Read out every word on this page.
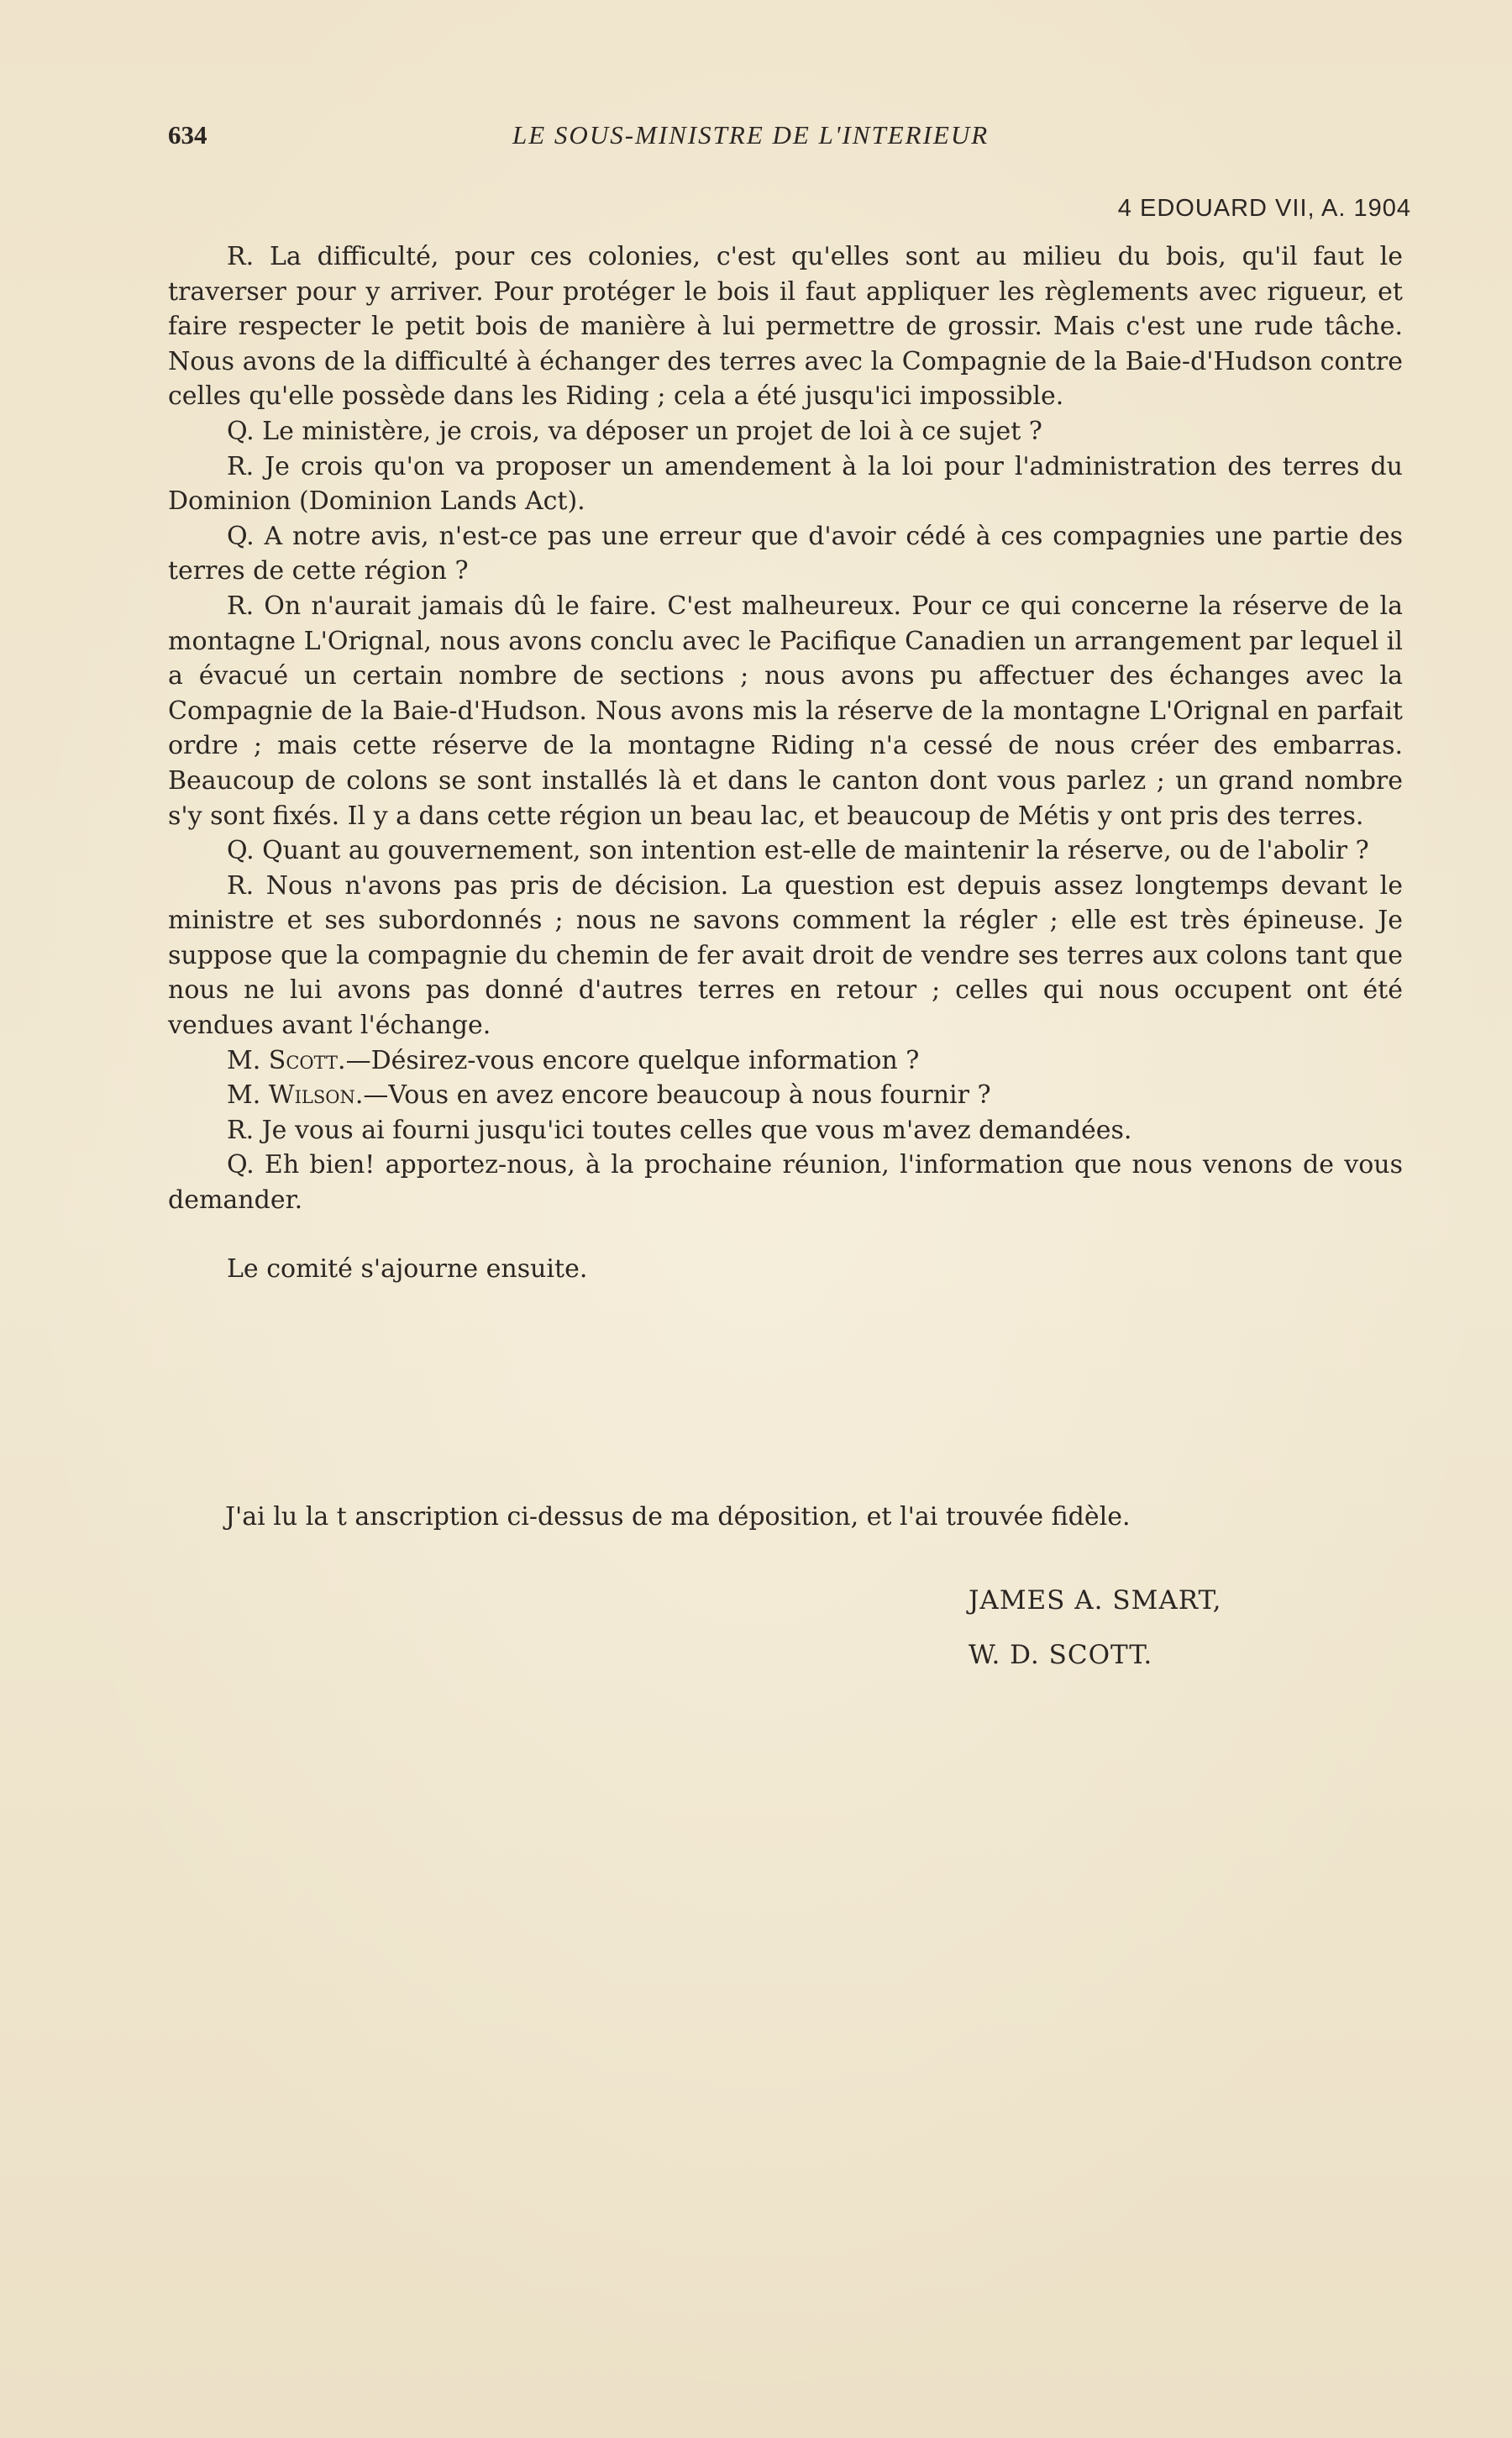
634	LE SOUS-MINISTRE DE L'INTERIEUR
4 EDOUARD VII, A. 1904

R. La difficulté, pour ces colonies, c'est qu'elles sont au milieu du bois, qu'il faut le traverser pour y arriver. Pour protéger le bois il faut appliquer les règlements avec rigueur, et faire respecter le petit bois de manière à lui permettre de grossir. Mais c'est une rude tâche. Nous avons de la difficulté à échanger des terres avec la Compagnie de la Baie-d'Hudson contre celles qu'elle possède dans les Riding ; cela a été jusqu'ici impossible.

Q. Le ministère, je crois, va déposer un projet de loi à ce sujet ?

R. Je crois qu'on va proposer un amendement à la loi pour l'administration des terres du Dominion (Dominion Lands Act).

Q. A notre avis, n'est-ce pas une erreur que d'avoir cédé à ces compagnies une partie des terres de cette région ?

R. On n'aurait jamais dû le faire. C'est malheureux. Pour ce qui concerne la réserve de la montagne L'Orignal, nous avons conclu avec le Pacifique Canadien un arrangement par lequel il a évacué un certain nombre de sections ; nous avons pu affectuer des échanges avec la Compagnie de la Baie-d'Hudson. Nous avons mis la réserve de la montagne L'Orignal en parfait ordre ; mais cette réserve de la montagne Riding n'a cessé de nous créer des embarras. Beaucoup de colons se sont installés là et dans le canton dont vous parlez ; un grand nombre s'y sont fixés. Il y a dans cette région un beau lac, et beaucoup de Métis y ont pris des terres.

Q. Quant au gouvernement, son intention est-elle de maintenir la réserve, ou de l'abolir ?

R. Nous n'avons pas pris de décision. La question est depuis assez longtemps devant le ministre et ses subordonnés ; nous ne savons comment la régler ; elle est très épineuse. Je suppose que la compagnie du chemin de fer avait droit de vendre ses terres aux colons tant que nous ne lui avons pas donné d'autres terres en retour ; celles qui nous occupent ont été vendues avant l'échange.

M. Scott.—Désirez-vous encore quelque information ?

M. Wilson.—Vous en avez encore beaucoup à nous fournir ?

R. Je vous ai fourni jusqu'ici toutes celles que vous m'avez demandées.

Q. Eh bien! apportez-nous, à la prochaine réunion, l'information que nous venons de vous demander.

Le comité s'ajourne ensuite.

J'ai lu la t anscription ci-dessus de ma déposition, et l'ai trouvée fidèle.
JAMES A. SMART,
W. D. SCOTT.
